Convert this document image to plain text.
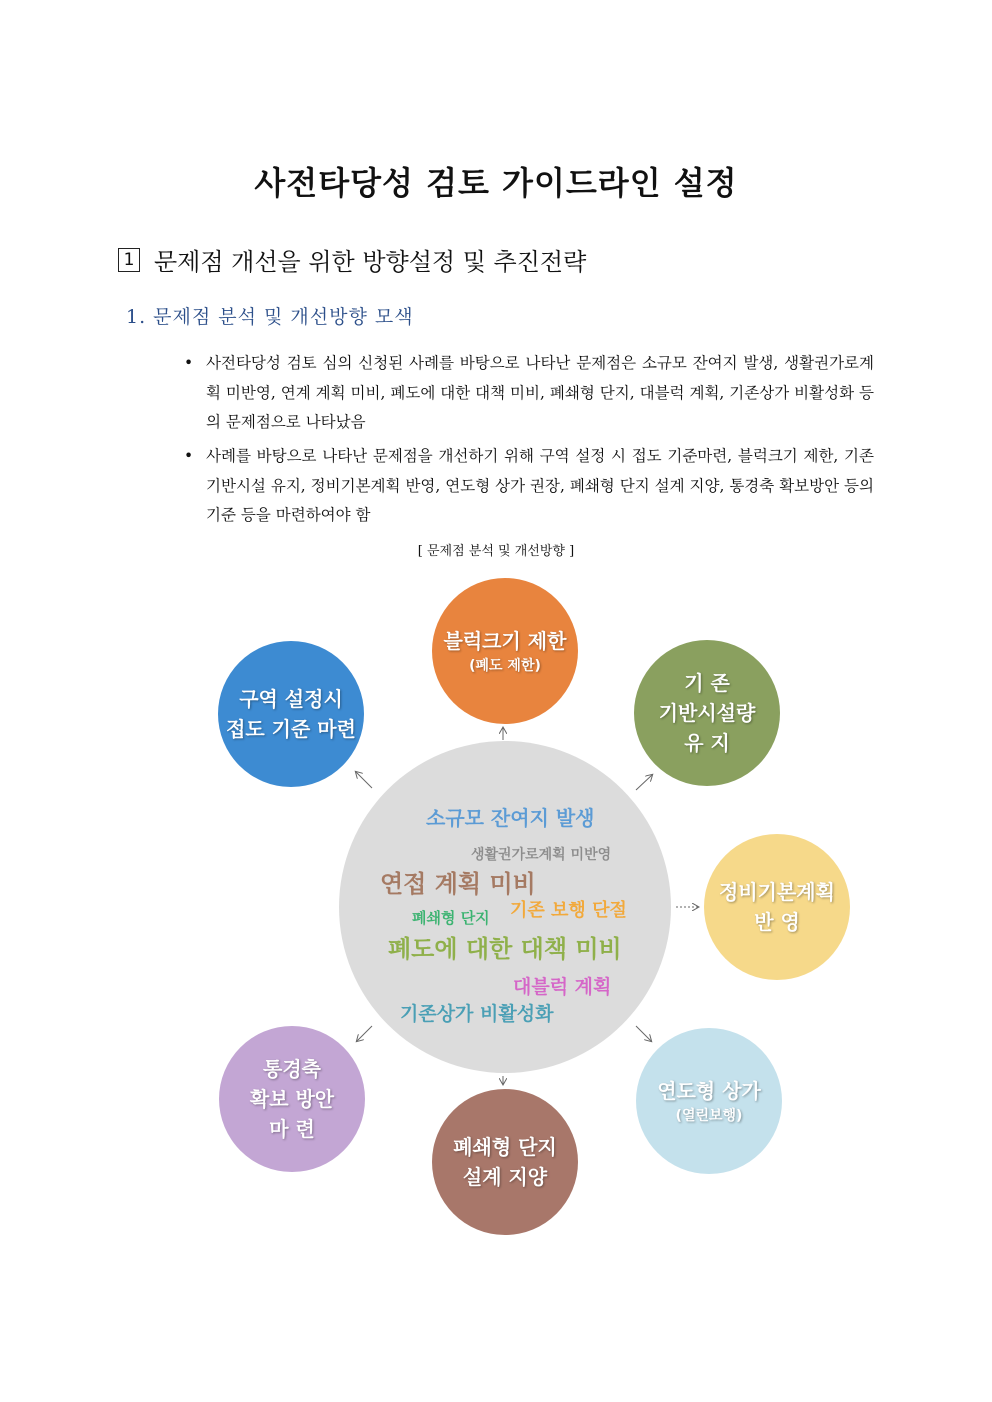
사전타당성 검토 가이드라인 설정
1 문제점 개선을 위한 방향설정 및 추진전략
1. 문제점 분석 및 개선방향 모색
• 사전타당성 검토 심의 신청된 사례를 바탕으로 나타난 문제점은 소규모 잔여지 발생, 생활권가로계획 미반영, 연계 계획 미비, 폐도에 대한 대책 미비, 폐쇄형 단지, 대블럭 계획, 기존상가 비활성화 등의 문제점으로 나타났음
• 사례를 바탕으로 나타난 문제점을 개선하기 위해 구역 설정 시 접도 기준마련, 블럭크기 제한, 기존 기반시설 유지, 정비기본계획 반영, 연도형 상가 권장, 폐쇄형 단지 설계 지양, 통경축 확보방안 등의 기준 등을 마련하여야 함
[ 문제점 분석 및 개선방향 ]
소규모 잔여지 발생
생활권가로계획 미반영
연접 계획 미비
기존 보행 단절
폐쇄형 단지
폐도에 대한 대책 미비
대블럭 계획
기존상가 비활성화
블럭크기 제한
(폐도 제한)
기 존
기반시설량
유 지
정비기본계획
반 영
연도형 상가
(열린보행)
폐쇄형 단지
설계 지양
통경축
확보 방안
마 련
구역 설정시
접도 기준 마련
